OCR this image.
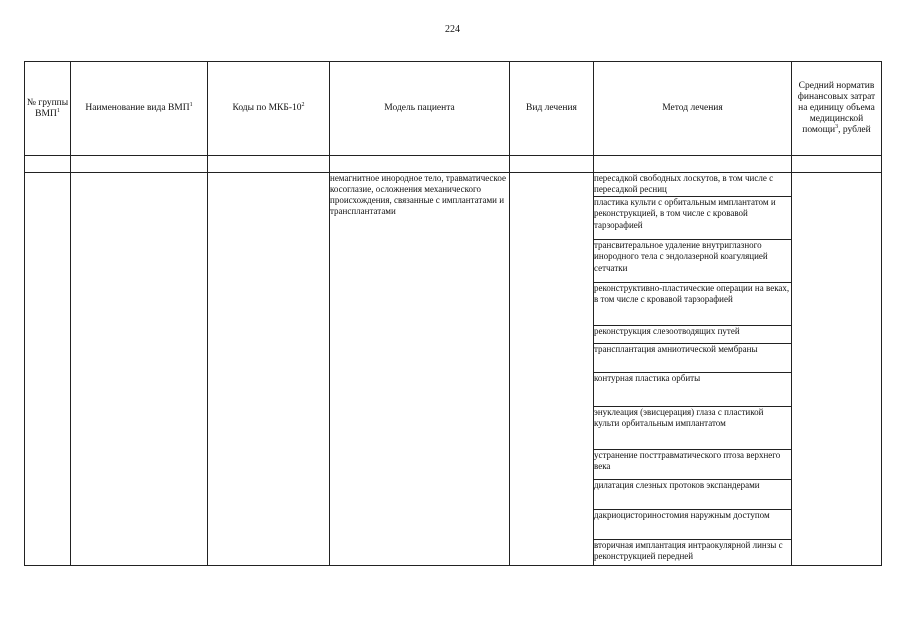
224
№ группы ВМП$^1$	Наименование вида ВМП$^1$	Коды по МКБ-$10^2$	Модель пациента	Вид лечения	Метод лечения	Средний норматив финансовых затрат на единицу объема медицинской помощи$^3$, рублей

			немагнитное инородное тело, травматическое косоглазие, осложнения механического происхождения, связанные с имплантатами и трансплантатами		пересадкой свободных лоскутов, в том числе с пересадкой ресниц	
					пластика культи с орбитальным имплантатом и реконструкцией, в том числе с кровавой тарзорафией	
					трансвитеральное удаление внутриглазного инородного тела с эндолазерной коагуляцией сетчатки	
					реконструктивно-пластические операции на веках, в том числе с кровавой тарзорафией	
					реконструкция слезоотводящих путей	
					трансплантация амниотической мембраны	
					контурная пластика орбиты	
					энуклеация (эвисцерация) глаза с пластикой культи орбитальным имплантатом	
					устранение посттравматического птоза верхнего века	
					дилатация слезных протоков экспандерами	
					дакриоцисториностомия наружным доступом	
					вторичная имплантация интраокулярной линзы с реконструкцией передней	
